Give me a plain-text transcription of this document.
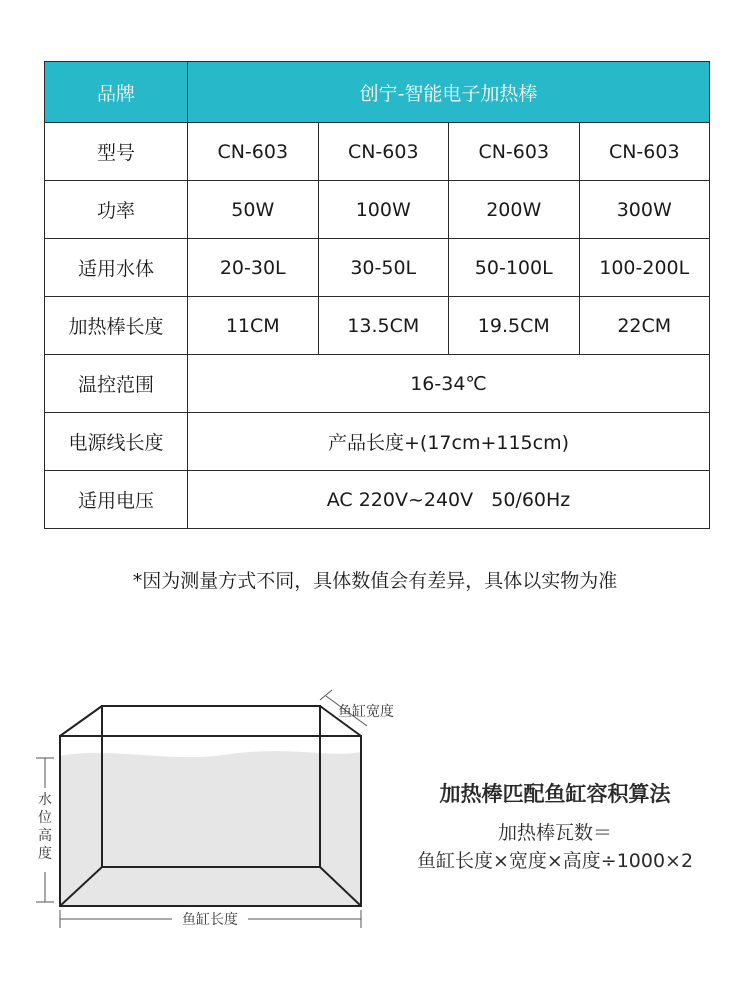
品牌	创宁-智能电子加热棒			
型号	CN-603	CN-603	CN-603	CN-603
功率	50W	100W	200W	300W
适用水体	20-30L	30-50L	50-100L	100-200L
加热棒长度	11CM	13.5CM	19.5CM	22CM
温控范围	16-34℃			
电源线长度	产品长度+(17cm+115cm)			
适用电压	AC 220V~240V   50/60Hz			
*因为测量方式不同，具体数值会有差异，具体以实物为准
鱼缸宽度
水
位
高
度
鱼缸长度
加热棒匹配鱼缸容积算法
加热棒瓦数＝
鱼缸长度×宽度×高度÷1000×2
